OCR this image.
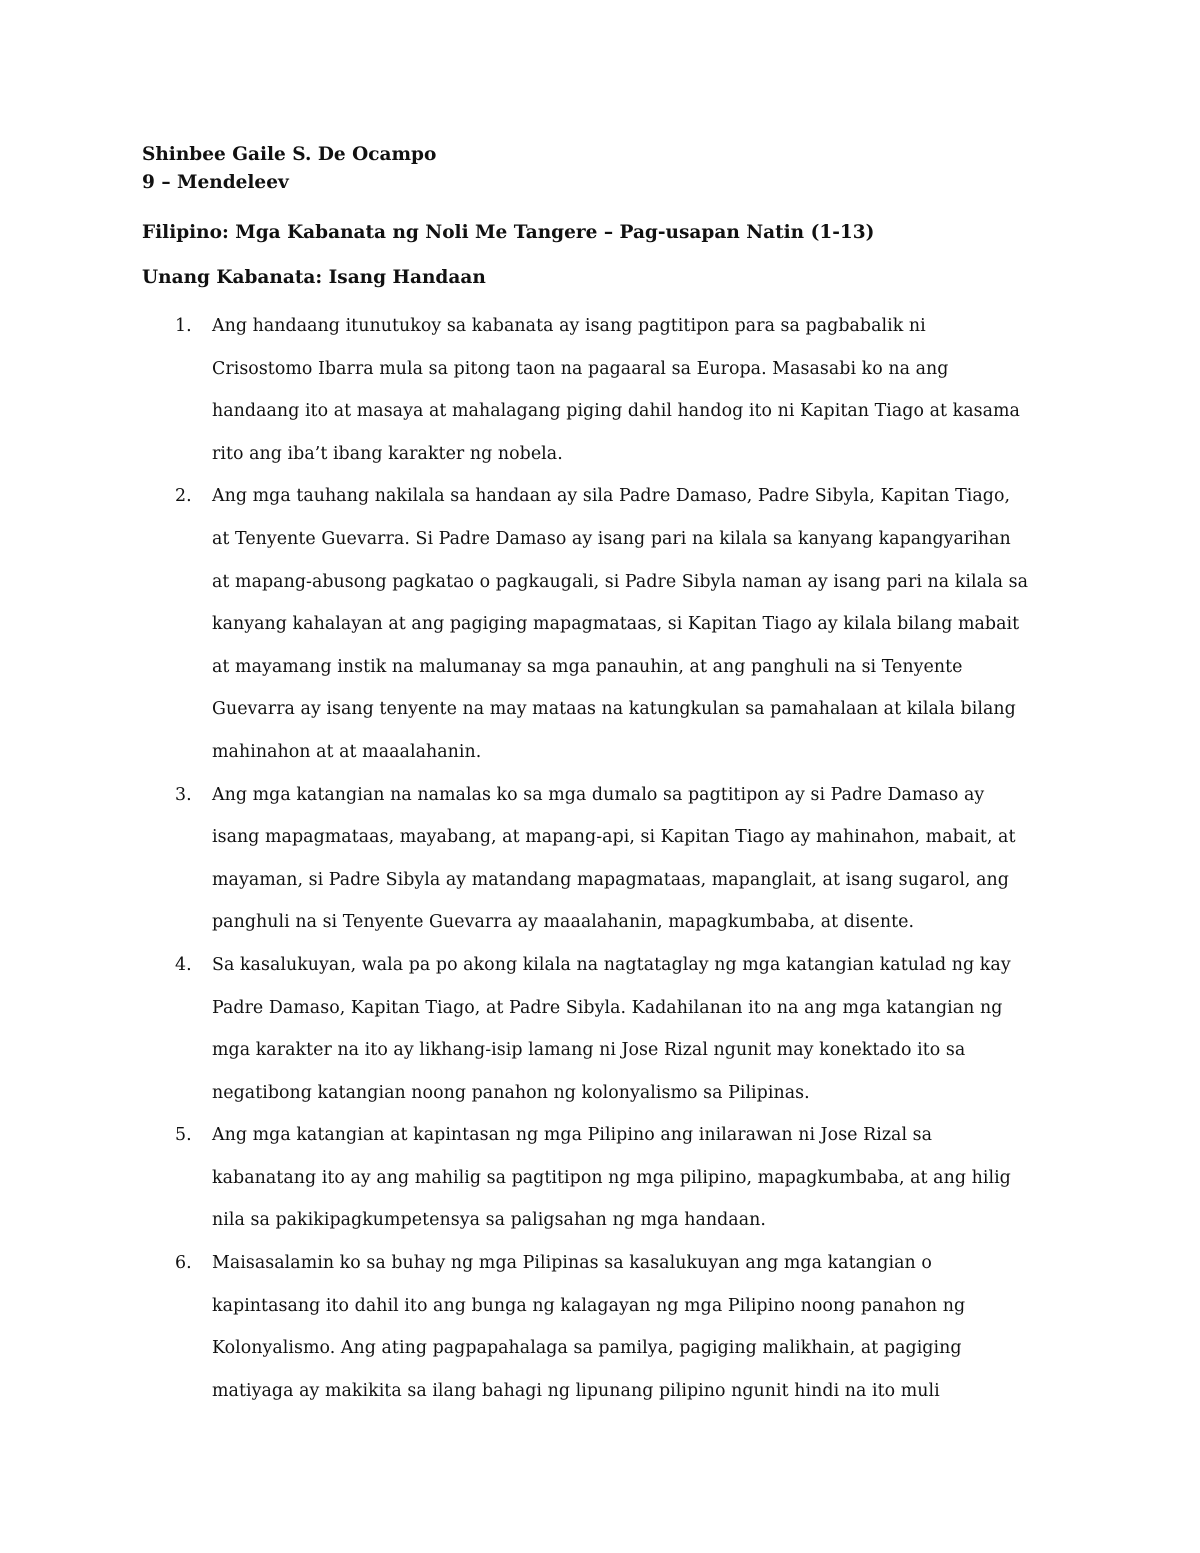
Shinbee Gaile S. De Ocampo

9 – Mendeleev

Filipino: Mga Kabanata ng Noli Me Tangere – Pag-usapan Natin (1-13)

Unang Kabanata: Isang Handaan

1.	Ang handaang itunutukoy sa kabanata ay isang pagtitipon para sa pagbabalik ni

Crisostomo Ibarra mula sa pitong taon na pagaaral sa Europa. Masasabi ko na ang

handaang ito at masaya at mahalagang piging dahil handog ito ni Kapitan Tiago at kasama

rito ang iba’t ibang karakter ng nobela.

2.	Ang mga tauhang nakilala sa handaan ay sila Padre Damaso, Padre Sibyla, Kapitan Tiago,

at Tenyente Guevarra. Si Padre Damaso ay isang pari na kilala sa kanyang kapangyarihan

at mapang-abusong pagkatao o pagkaugali, si Padre Sibyla naman ay isang pari na kilala sa

kanyang kahalayan at ang pagiging mapagmataas, si Kapitan Tiago ay kilala bilang mabait

at mayamang instik na malumanay sa mga panauhin, at ang panghuli na si Tenyente

Guevarra ay isang tenyente na may mataas na katungkulan sa pamahalaan at kilala bilang

mahinahon at at maaalahanin.

3.	Ang mga katangian na namalas ko sa mga dumalo sa pagtitipon ay si Padre Damaso ay

isang mapagmataas, mayabang, at mapang-api, si Kapitan Tiago ay mahinahon, mabait, at

mayaman, si Padre Sibyla ay matandang mapagmataas, mapanglait, at isang sugarol, ang

panghuli na si Tenyente Guevarra ay maaalahanin, mapagkumbaba, at disente.

4.	Sa kasalukuyan, wala pa po akong kilala na nagtataglay ng mga katangian katulad ng kay

Padre Damaso, Kapitan Tiago, at Padre Sibyla. Kadahilanan ito na ang mga katangian ng

mga karakter na ito ay likhang-isip lamang ni Jose Rizal ngunit may konektado ito sa

negatibong katangian noong panahon ng kolonyalismo sa Pilipinas.

5.	Ang mga katangian at kapintasan ng mga Pilipino ang inilarawan ni Jose Rizal sa

kabanatang ito ay ang mahilig sa pagtitipon ng mga pilipino, mapagkumbaba, at ang hilig

nila sa pakikipagkumpetensya sa paligsahan ng mga handaan.

6.	Maisasalamin ko sa buhay ng mga Pilipinas sa kasalukuyan ang mga katangian o

kapintasang ito dahil ito ang bunga ng kalagayan ng mga Pilipino noong panahon ng

Kolonyalismo. Ang ating pagpapahalaga sa pamilya, pagiging malikhain, at pagiging

matiyaga ay makikita sa ilang bahagi ng lipunang pilipino ngunit hindi na ito muli
